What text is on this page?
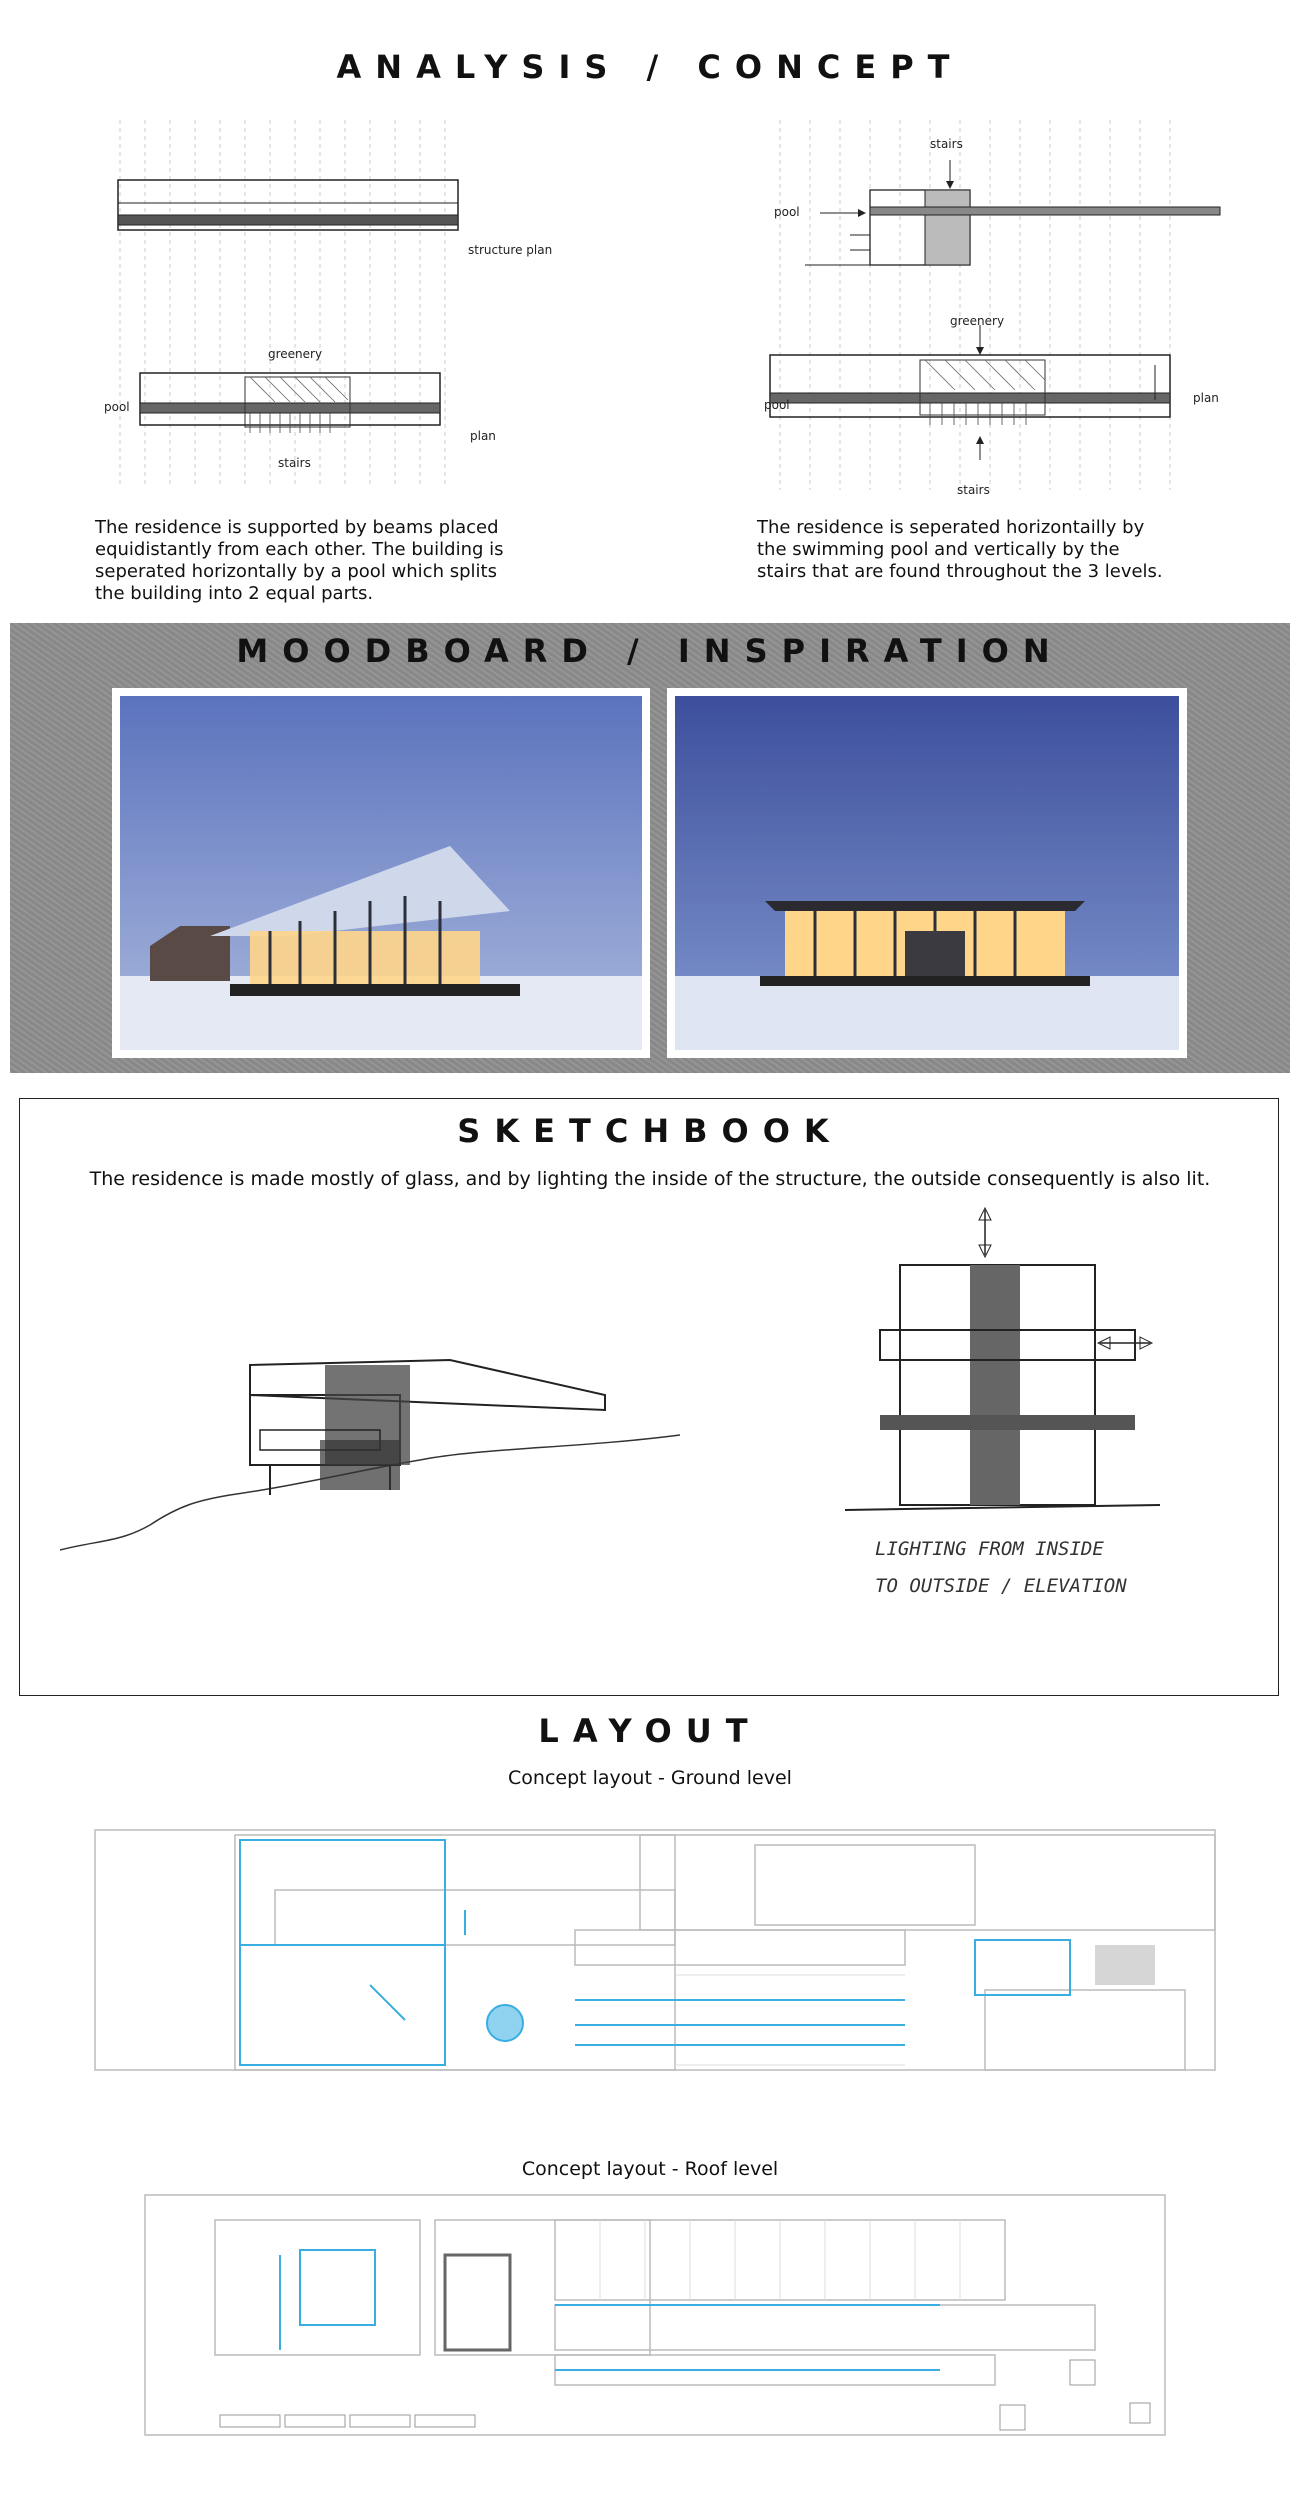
ANALYSIS / CONCEPT
structure plan
greenery
pool
plan
stairs
stairs
pool
greenery
pool	plan
stairs
The residence is supported by beams placed
equidistantly from each other. The building is
seperated horizontally by a pool which splits
the building into 2 equal parts.
The residence is seperated horizontailly by
the swimming pool and vertically by the
stairs that are found throughout the 3 levels.
MOODBOARD / INSPIRATION
SKETCHBOOK
The residence is made mostly of glass, and by lighting the inside of the structure, the outside consequently is also lit.
LIGHTING FROM INSIDE
TO OUTSIDE / ELEVATION
LAYOUT
Concept layout - Ground level
Concept layout - Roof level
